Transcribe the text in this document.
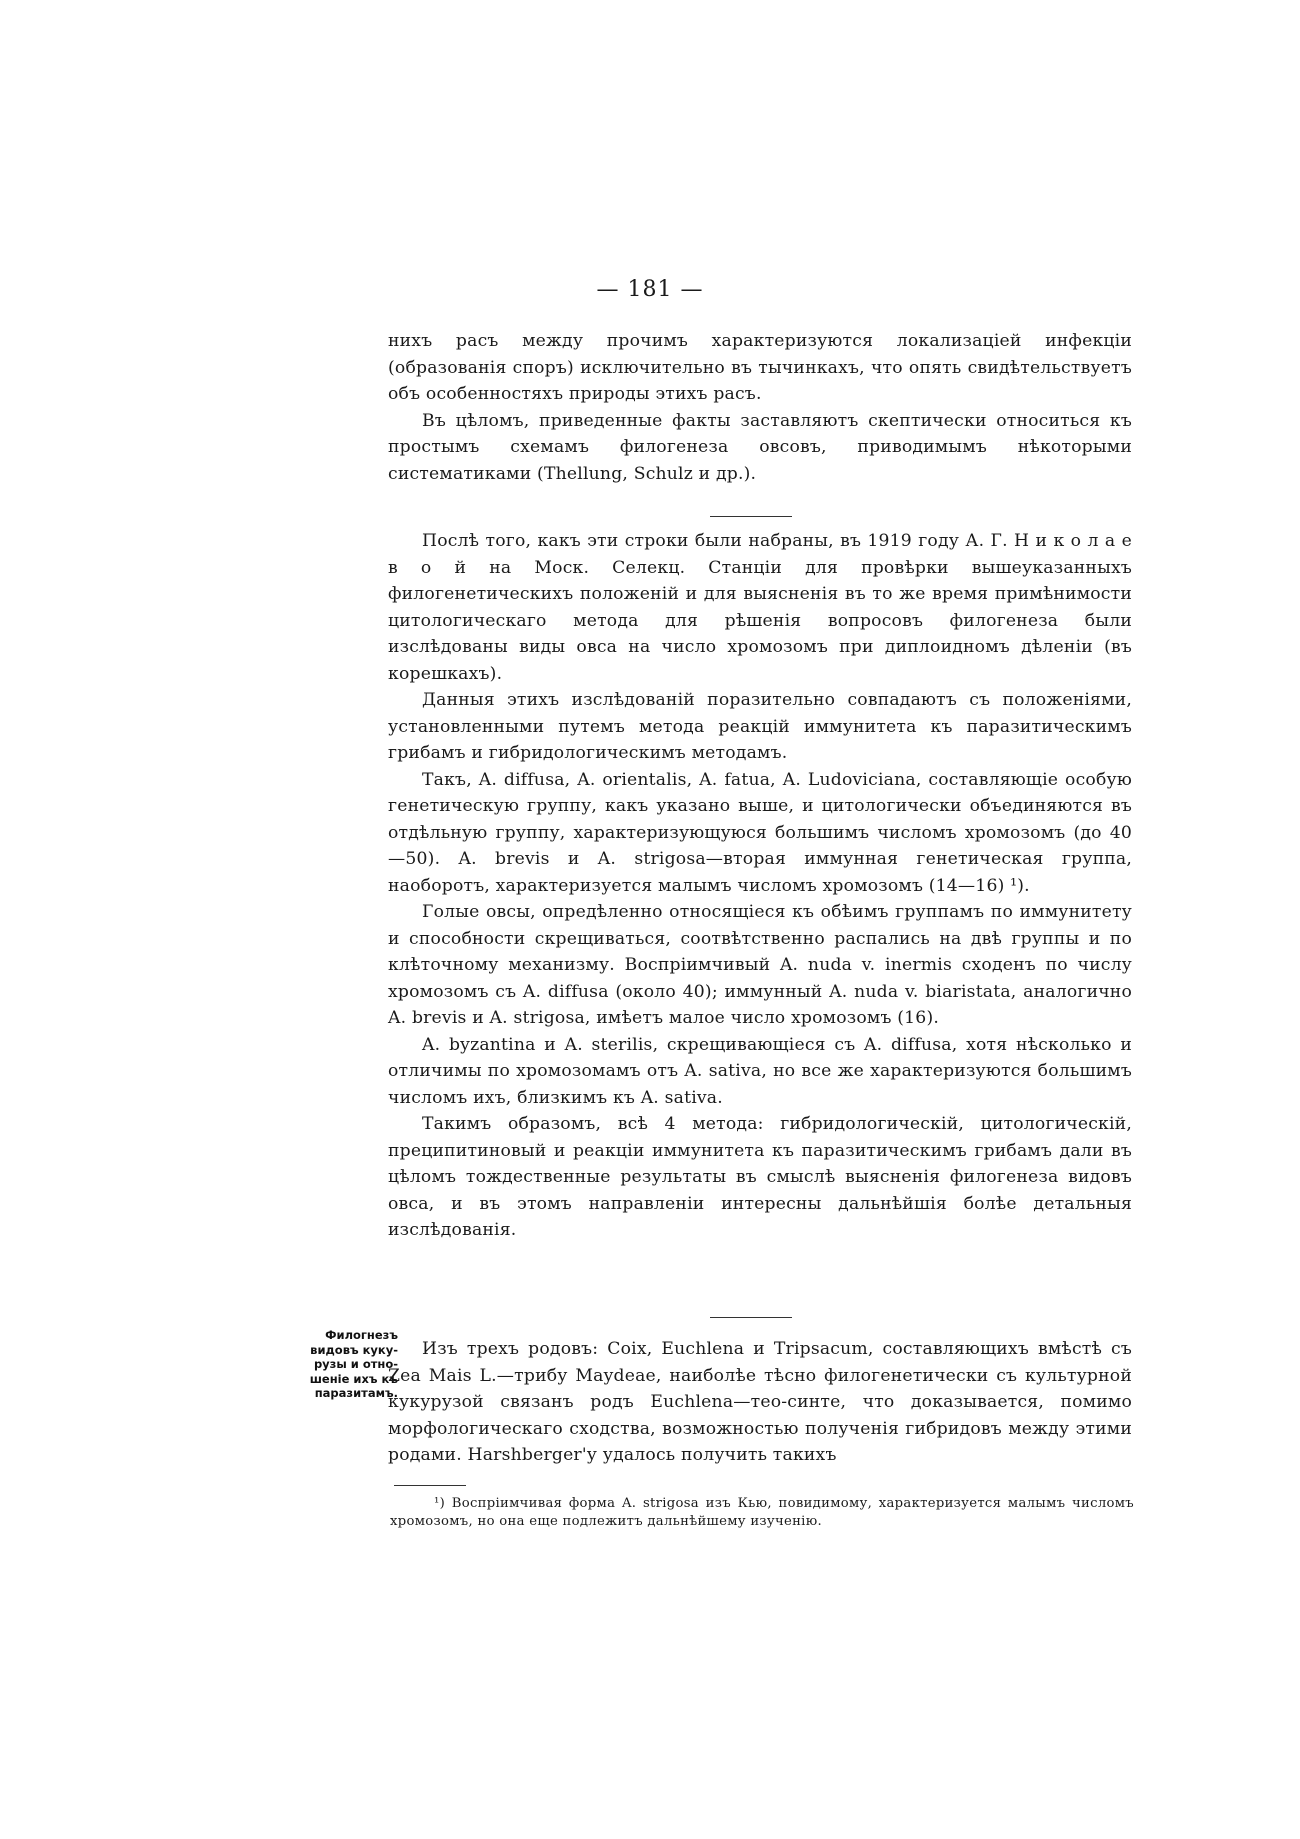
— 181 —

нихъ расъ между прочимъ характеризуются локализаціей инфекціи (образованія споръ) исключительно въ тычинкахъ, что опять свидѣтельствуетъ объ особенностяхъ природы этихъ расъ.

Въ цѣломъ, приведенные факты заставляютъ скептически относиться къ простымъ схемамъ филогенеза овсовъ, приводимымъ нѣкоторыми систематиками (Thellung, Schulz и др.).

Послѣ того, какъ эти строки были набраны, въ 1919 году А. Г. Н и к о л а е в о й на Моск. Селекц. Станціи для провѣрки вышеуказанныхъ филогенетическихъ положеній и для выясненія въ то же время примѣнимости цитологическаго метода для рѣшенія вопросовъ филогенеза были изслѣдованы виды овса на число хромозомъ при диплоидномъ дѣленіи (въ корешкахъ).

Данныя этихъ изслѣдованій поразительно совпадаютъ съ положеніями, установленными путемъ метода реакцій иммунитета къ паразитическимъ грибамъ и гибридологическимъ методамъ.

Такъ, A. diffusa, A. orientalis, A. fatua, A. Ludoviciana, составляющіе особую генетическую группу, какъ указано выше, и цитологически объединяются въ отдѣльную группу, характеризующуюся большимъ числомъ хромозомъ (до 40—50). A. brevis и A. strigosa—вторая иммунная генетическая группа, наоборотъ, характеризуется малымъ числомъ хромозомъ (14—16) ¹).

Голые овсы, опредѣленно относящіеся къ обѣимъ группамъ по иммунитету и способности скрещиваться, соотвѣтственно распались на двѣ группы и по клѣточному механизму. Воспріимчивый A. nuda v. inermis сходенъ по числу хромозомъ съ A. diffusa (около 40); иммунный A. nuda v. biaristata, аналогично A. brevis и A. strigosa, имѣетъ малое число хромозомъ (16).

A. byzantina и A. sterilis, скрещивающіеся съ A. diffusa, хотя нѣсколько и отличимы по хромозомамъ отъ A. sativa, но все же характеризуются большимъ числомъ ихъ, близкимъ къ A. sativa.

Такимъ образомъ, всѣ 4 метода: гибридологическій, цитологическій, преципитиновый и реакціи иммунитета къ паразитическимъ грибамъ дали въ цѣломъ тождественные результаты въ смыслѣ выясненія филогенеза видовъ овса, и въ этомъ направленіи интересны дальнѣйшія болѣе детальныя изслѣдованія.

Филогнезъ
видовъ куку-
рузы и отно-
шеніе ихъ къ
паразитамъ.

Изъ трехъ родовъ: Coix, Euchlena и Tripsacum, составляющихъ вмѣстѣ съ Zea Mais L.—трибу Maydeae, наиболѣе тѣсно филогенетически съ культурной кукурузой связанъ родъ Euchlena—тео-синте, что доказывается, помимо морфологическаго сходства, возможностью полученія гибридовъ между этими родами. Harshberger'у удалось получить такихъ

¹) Воспріимчивая форма A. strigosa изъ Кью, повидимому, характеризуется малымъ числомъ хромозомъ, но она еще подлежитъ дальнѣйшему изученію.
